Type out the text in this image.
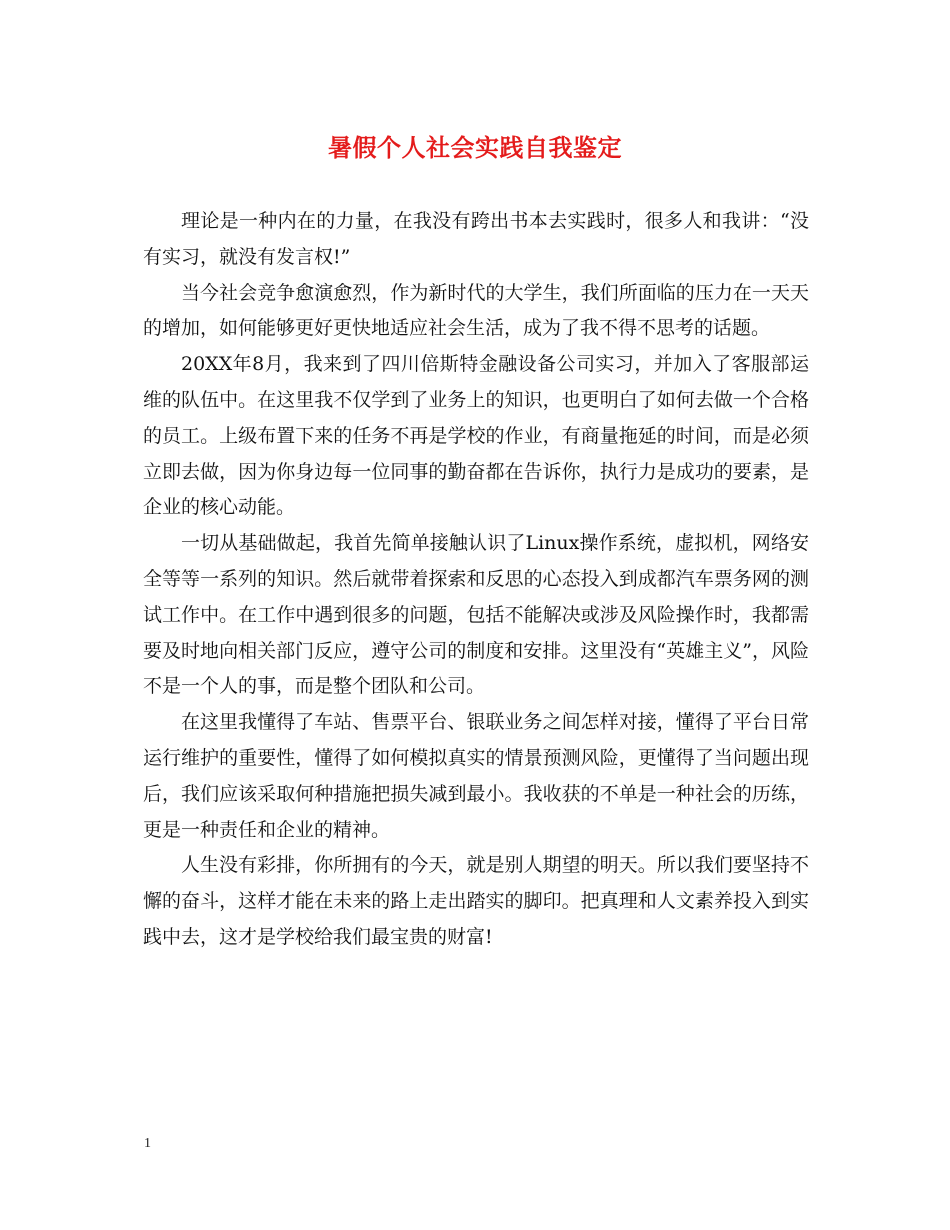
暑假个人社会实践自我鉴定

理论是一种内在的力量，在我没有跨出书本去实践时，很多人和我讲：“没有实习，就没有发言权!”

当今社会竞争愈演愈烈，作为新时代的大学生，我们所面临的压力在一天天的增加，如何能够更好更快地适应社会生活，成为了我不得不思考的话题。

20XX年8月，我来到了四川倍斯特金融设备公司实习，并加入了客服部运维的队伍中。在这里我不仅学到了业务上的知识，也更明白了如何去做一个合格的员工。上级布置下来的任务不再是学校的作业，有商量拖延的时间，而是必须立即去做，因为你身边每一位同事的勤奋都在告诉你，执行力是成功的要素，是企业的核心动能。

一切从基础做起，我首先简单接触认识了Linux操作系统，虚拟机，网络安全等等一系列的知识。然后就带着探索和反思的心态投入到成都汽车票务网的测试工作中。在工作中遇到很多的问题，包括不能解决或涉及风险操作时，我都需要及时地向相关部门反应，遵守公司的制度和安排。这里没有“英雄主义”，风险不是一个人的事，而是整个团队和公司。

在这里我懂得了车站、售票平台、银联业务之间怎样对接，懂得了平台日常运行维护的重要性，懂得了如何模拟真实的情景预测风险，更懂得了当问题出现后，我们应该采取何种措施把损失减到最小。我收获的不单是一种社会的历练，更是一种责任和企业的精神。

人生没有彩排，你所拥有的今天，就是别人期望的明天。所以我们要坚持不懈的奋斗，这样才能在未来的路上走出踏实的脚印。把真理和人文素养投入到实践中去，这才是学校给我们最宝贵的财富!

1
